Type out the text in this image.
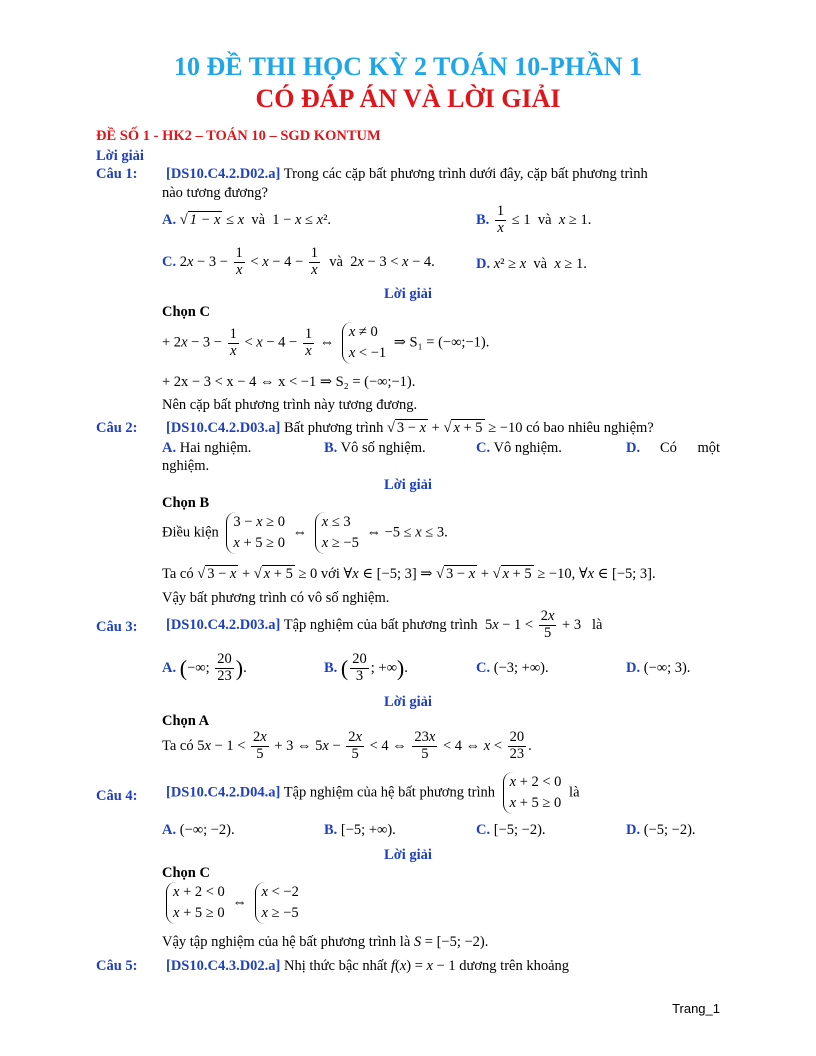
10 ĐỀ THI HỌC KỲ 2 TOÁN 10-PHẦN 1
CÓ ĐÁP ÁN VÀ LỜI GIẢI
ĐỀ SỐ 1 - HK2 – TOÁN 10 – SGD KONTUM
Lời giải
Câu 1: [DS10.C4.2.D02.a] Trong các cặp bất phương trình dưới đây, cặp bất phương trình
nào tương đương?
A. √ 1 − x ≤ x  và  1 − x ≤ x².	B. $\frac{1}{x} \le 1$  và  x ≥ 1.
C. $2x - 3 - \frac{1}{x} < x - 4 - \frac{1}{x}$ và  2x − 3 < x − 4.	D. x² ≥ x  và  x ≥ 1.
Lời giải
Chọn C
+ $2x - 3 - \frac{1}{x} < x - 4 - \frac{1}{x}$ ⇔
x ≠ 0
x < −1
⇒ S₁ = (−∞;−1).
+ 2x − 3 < x − 4 ⇔ x < −1 ⇒ S₂ = (−∞;−1).
Nên cặp bất phương trình này tương đương.
Câu 2: [DS10.C4.2.D03.a] Bất phương trình √ 3 − x + √ x + 5 ≥ −10 có bao nhiêu nghiệm?
A. Hai nghiệm.	B. Vô số nghiệm.	C. Vô nghiệm.	D. Có một
nghiệm.
Lời giải
Chọn B
Điều kiện
3 − x ≥ 0
x + 5 ≥ 0
⇔
x ≤ 3
x ≥ −5
⇔ −5 ≤ x ≤ 3.
Ta có √ 3 − x + √ x + 5 ≥ 0 với ∀x ∈ [−5; 3] ⇒ √ 3 − x + √ x + 5 ≥ −10, ∀x ∈ [−5; 3].
Vậy bất phương trình có vô số nghiệm.
Câu 3: [DS10.C4.2.D03.a] Tập nghiệm của bất phương trình  $5x - 1 < \frac{2x}{5} + 3$   là
A. (−∞; $\frac{20}{23}$ ).	B. ( $\frac{20}{3}$ ; +∞).	C. (−3; +∞).	D. (−∞; 3).
Lời giải
Chọn A
Ta có $5x - 1 < \frac{2x}{5} + 3$ ⇔ $5x - \frac{2x}{5} < 4$ ⇔ $\frac{23x}{5} < 4$ ⇔ $x < \frac{20}{23}$ .
Câu 4: [DS10.C4.2.D04.a] Tập nghiệm của hệ bất phương trình
x + 2 < 0
x + 5 ≥ 0
là
A. (−∞; −2).	B. [−5; +∞).	C. [−5; −2).	D. (−5; −2).
Lời giải
Chọn C
x + 2 < 0
x + 5 ≥ 0
⇔
x < −2
x ≥ −5
Vậy tập nghiệm của hệ bất phương trình là S = [−5; −2).
Câu 5: [DS10.C4.3.D02.a] Nhị thức bậc nhất f(x) = x − 1 dương trên khoảng
Trang_1
